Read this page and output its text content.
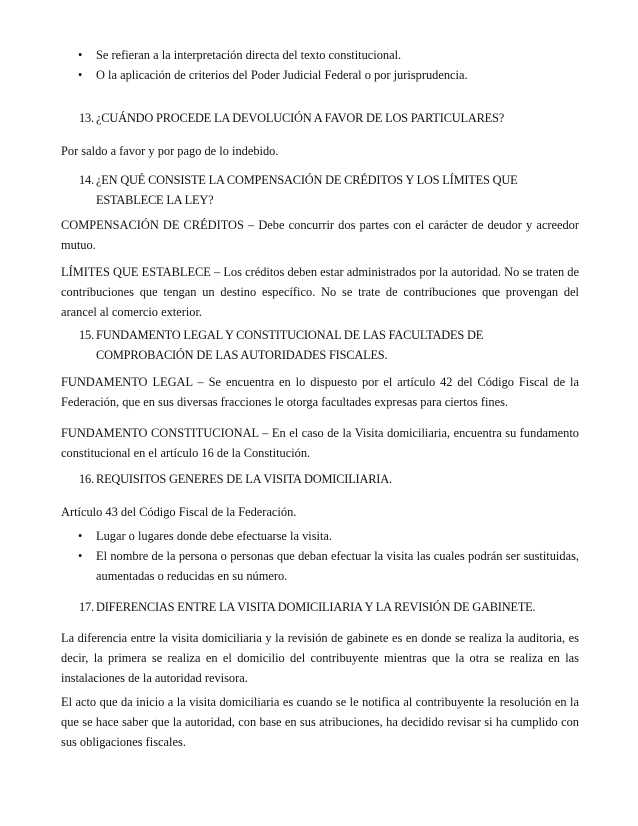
• Se refieran a la interpretación directa del texto constitucional.
• O la aplicación de criterios del Poder Judicial Federal o por jurisprudencia.
13. ¿CUÁNDO PROCEDE LA DEVOLUCIÓN A FAVOR DE LOS PARTICULARES?

Por saldo a favor y por pago de lo indebido.

14. ¿EN QUÉ CONSISTE LA COMPENSACIÓN DE CRÉDITOS Y LOS LÍMITES QUE ESTABLECE LA LEY?

COMPENSACIÓN DE CRÉDITOS – Debe concurrir dos partes con el carácter de deudor y acreedor mutuo.

LÍMITES QUE ESTABLECE – Los créditos deben estar administrados por la autoridad. No se traten de contribuciones que tengan un destino específico. No se trate de contribuciones que provengan del arancel al comercio exterior.

15. FUNDAMENTO LEGAL Y CONSTITUCIONAL DE LAS FACULTADES DE COMPROBACIÓN DE LAS AUTORIDADES FISCALES.

FUNDAMENTO LEGAL – Se encuentra en lo dispuesto por el artículo 42 del Código Fiscal de la Federación, que en sus diversas fracciones le otorga facultades expresas para ciertos fines.

FUNDAMENTO CONSTITUCIONAL – En el caso de la Visita domiciliaria, encuentra su fundamento constitucional en el artículo 16 de la Constitución.

16. REQUISITOS GENERES DE LA VISITA DOMICILIARIA.

Artículo 43 del Código Fiscal de la Federación.

• Lugar o lugares donde debe efectuarse la visita.
• El nombre de la persona o personas que deban efectuar la visita las cuales podrán ser sustituidas, aumentadas o reducidas en su número.
17. DIFERENCIAS ENTRE LA VISITA DOMICILIARIA Y LA REVISIÓN DE GABINETE.

La diferencia entre la visita domiciliaria y la revisión de gabinete es en donde se realiza la auditoria, es decir, la primera se realiza en el domicilio del contribuyente mientras que la otra se realiza en las instalaciones de la autoridad revisora.

El acto que da inicio a la visita domiciliaria es cuando se le notifica al contribuyente la resolución en la que se hace saber que la autoridad, con base en sus atribuciones, ha decidido revisar si ha cumplido con sus obligaciones fiscales.
